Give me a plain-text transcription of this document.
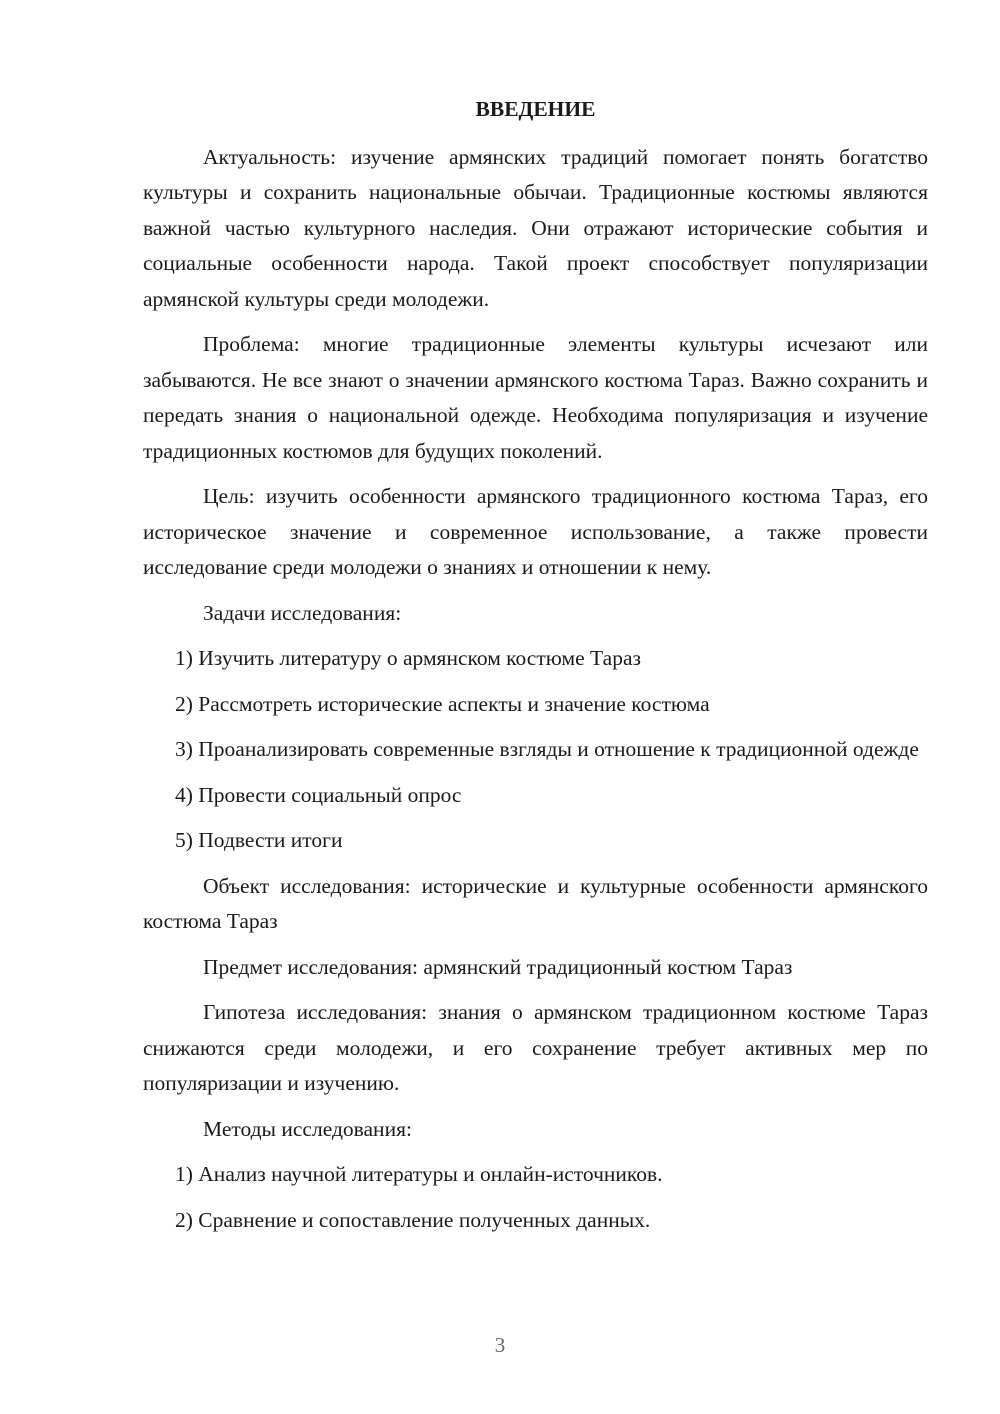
ВВЕДЕНИЕ

Актуальность: изучение армянских традиций помогает понять богатство культуры и сохранить национальные обычаи. Традиционные костюмы являются важной частью культурного наследия. Они отражают исторические события и социальные особенности народа. Такой проект способствует популяризации армянской культуры среди молодежи.

Проблема: многие традиционные элементы культуры исчезают или забываются. Не все знают о значении армянского костюма Тараз. Важно сохранить и передать знания о национальной одежде. Необходима популяризация и изучение традиционных костюмов для будущих поколений.

Цель: изучить особенности армянского традиционного костюма Тараз, его историческое значение и современное использование, а также провести исследование среди молодежи о знаниях и отношении к нему.

Задачи исследования:

1) Изучить литературу о армянском костюме Тараз

2) Рассмотреть исторические аспекты и значение костюма

3) Проанализировать современные взгляды и отношение к традиционной одежде

4) Провести социальный опрос

5) Подвести итоги

Объект исследования: исторические и культурные особенности армянского костюма Тараз

Предмет исследования: армянский традиционный костюм Тараз

Гипотеза исследования: знания о армянском традиционном костюме Тараз снижаются среди молодежи, и его сохранение требует активных мер по популяризации и изучению.

Методы исследования:

1) Анализ научной литературы и онлайн-источников.

2) Сравнение и сопоставление полученных данных.

3
